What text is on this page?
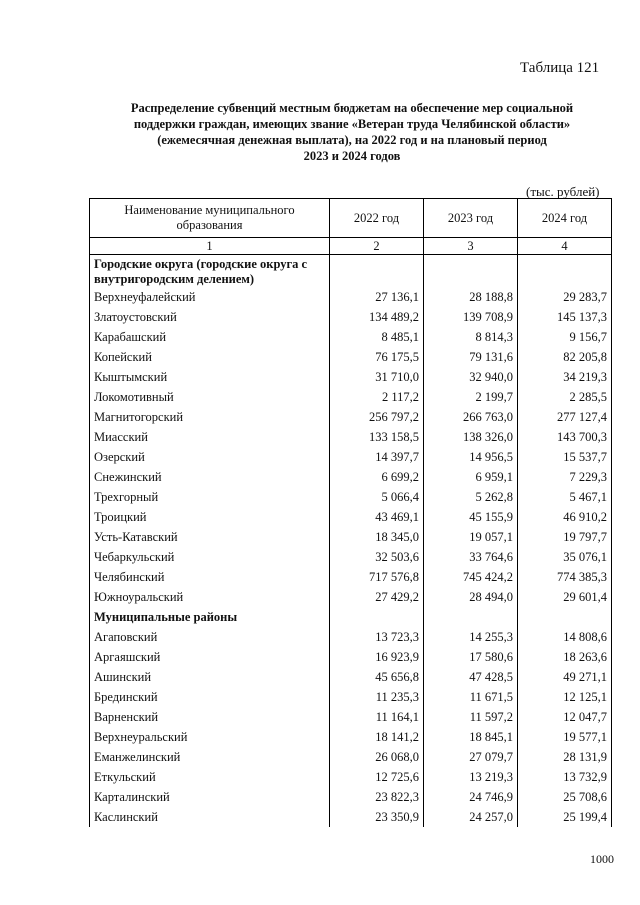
Таблица 121
Распределение субвенций местным бюджетам на обеспечение мер социальной
поддержки граждан, имеющих звание «Ветеран труда Челябинской области»
(ежемесячная денежная выплата), на 2022 год и на плановый период
2023 и 2024 годов
(тыс. рублей)
Наименование муниципального образования	2022 год	2023 год	2024 год
1	2	3	4
Городские округа (городские округа с внутригородским делением)			
Верхнеуфалейский	27 136,1	28 188,8	29 283,7
Златоустовский	134 489,2	139 708,9	145 137,3
Карабашский	8 485,1	8 814,3	9 156,7
Копейский	76 175,5	79 131,6	82 205,8
Кыштымский	31 710,0	32 940,0	34 219,3
Локомотивный	2 117,2	2 199,7	2 285,5
Магнитогорский	256 797,2	266 763,0	277 127,4
Миасский	133 158,5	138 326,0	143 700,3
Озерский	14 397,7	14 956,5	15 537,7
Снежинский	6 699,2	6 959,1	7 229,3
Трехгорный	5 066,4	5 262,8	5 467,1
Троицкий	43 469,1	45 155,9	46 910,2
Усть-Катавский	18 345,0	19 057,1	19 797,7
Чебаркульский	32 503,6	33 764,6	35 076,1
Челябинский	717 576,8	745 424,2	774 385,3
Южноуральский	27 429,2	28 494,0	29 601,4
Муниципальные районы			
Агаповский	13 723,3	14 255,3	14 808,6
Аргаяшский	16 923,9	17 580,6	18 263,6
Ашинский	45 656,8	47 428,5	49 271,1
Брединский	11 235,3	11 671,5	12 125,1
Варненский	11 164,1	11 597,2	12 047,7
Верхнеуральский	18 141,2	18 845,1	19 577,1
Еманжелинский	26 068,0	27 079,7	28 131,9
Еткульский	12 725,6	13 219,3	13 732,9
Карталинский	23 822,3	24 746,9	25 708,6
Каслинский	23 350,9	24 257,0	25 199,4
1000
